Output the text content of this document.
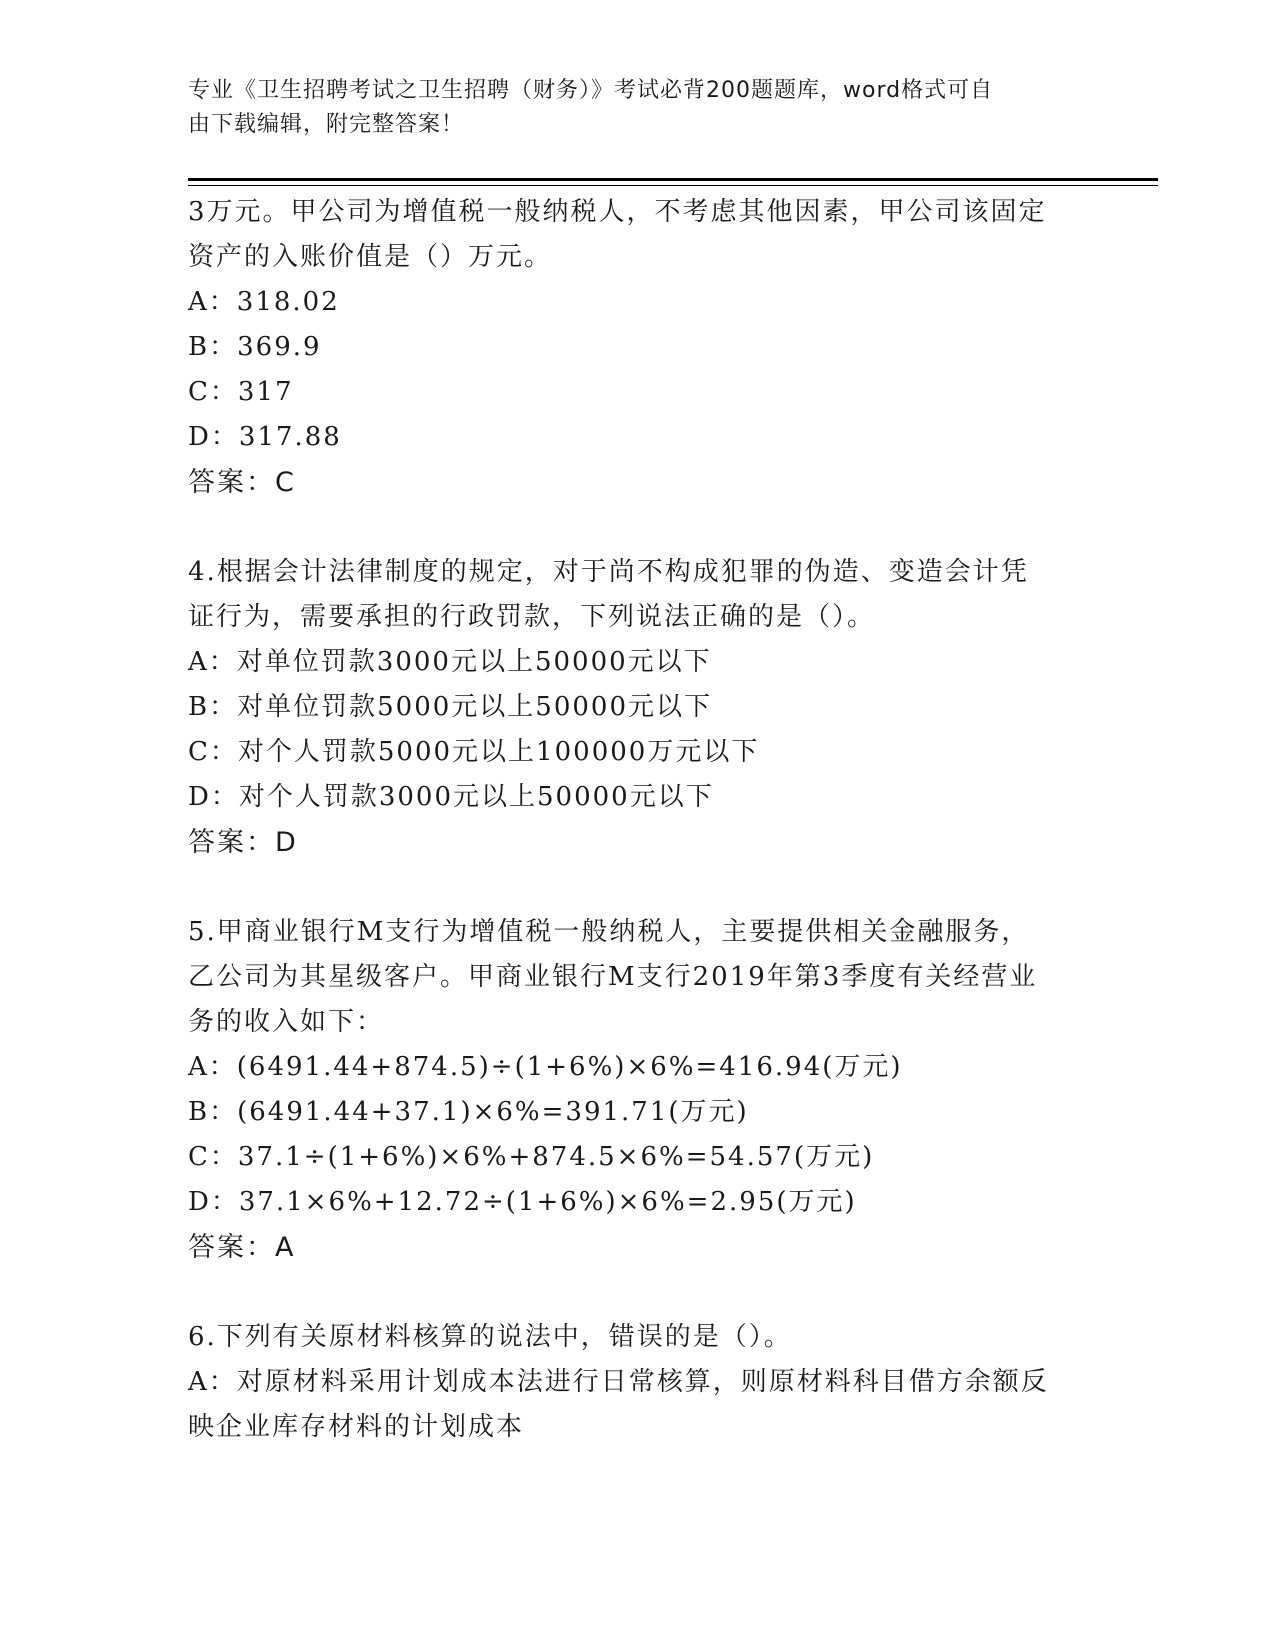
专业《卫生招聘考试之卫生招聘（财务）》考试必背200题题库，word格式可自
由下载编辑，附完整答案！

3万元。甲公司为增值税一般纳税人，不考虑其他因素，甲公司该固定

资产的入账价值是（）万元。

A：318.02

B：369.9

C：317

D：317.88

答案：C

4.根据会计法律制度的规定，对于尚不构成犯罪的伪造、变造会计凭

证行为，需要承担的行政罚款，下列说法正确的是（）。

A：对单位罚款3000元以上50000元以下

B：对单位罚款5000元以上50000元以下

C：对个人罚款5000元以上100000万元以下

D：对个人罚款3000元以上50000元以下

答案：D

5.甲商业银行M支行为增值税一般纳税人，主要提供相关金融服务，

乙公司为其星级客户。甲商业银行M支行2019年第3季度有关经营业

务的收入如下：

A：(6491.44+874.5)÷(1+6%)×6%=416.94(万元)

B：(6491.44+37.1)×6%=391.71(万元)

C：37.1÷(1+6%)×6%+874.5×6%=54.57(万元)

D：37.1×6%+12.72÷(1+6%)×6%=2.95(万元)

答案：A

6.下列有关原材料核算的说法中，错误的是（）。

A：对原材料采用计划成本法进行日常核算，则原材料科目借方余额反

映企业库存材料的计划成本
